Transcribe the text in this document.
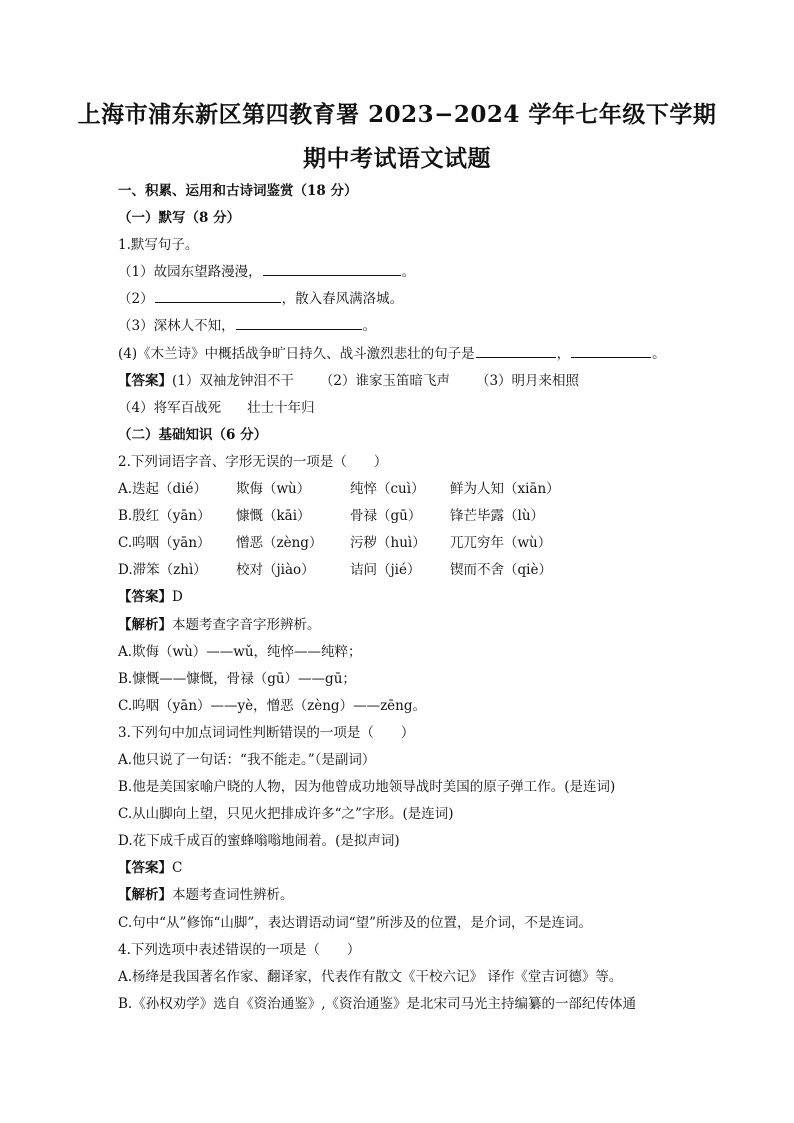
上海市浦东新区第四教育署 2023−2024 学年七年级下学期
期中考试语文试题
一、积累、运用和古诗词鉴赏（18 分）
（一）默写（8 分）
1.默写句子。
（1）故园东望路漫漫，	。
（2）	，散入春风满洛城。
（3）深林人不知，	。
(4)《木兰诗》中概括战争旷日持久、战斗激烈悲壮的句子是	，	。
【答案】(1）双袖龙钟泪不干 （2）谁家玉笛暗飞声 （3）明月来相照
（4）将军百战死 壮士十年归
（二）基础知识（6 分）
2.下列词语字音、字形无误的一项是（　　）
A.迭起（dié） 欺侮（wù）	纯悴（cuì） 鲜为人知（xiān）
B.殷红（yān） 慷慨（kāi）	骨禄（gū） 锋芒毕露（lù）
C.呜咽（yān） 憎恶（zèng） 污秽（huì） 兀兀穷年（wù）
D.滞笨（zhì） 校对（jiào）	诘问（jié） 锲而不舍（qiè）
【答案】D
【解析】本题考查字音字形辨析。
A.欺侮（wù）——wǔ，纯悴——纯粹；
B.慷慨——慷慨，骨禄（gū）——gū；
C.呜咽（yān）——yè，憎恶（zèng）——zēng。
3.下列句中加点词词性判断错误的一项是（　　）
A.他只说了一句话：“我不能走。”（是副词）
B.他是美国家喻户晓的人物，因为他曾成功地领导战时美国的原子弹工作。(是连词)
C.从山脚向上望，只见火把排成许多“之”字形。(是连词)
D.花下成千成百的蜜蜂嗡嗡地闹着。(是拟声词)
【答案】C
【解析】本题考查词性辨析。
C.句中“从”修饰“山脚”，表达谓语动词“望”所涉及的位置，是介词，不是连词。
4.下列选项中表述错误的一项是（　　）
A.杨绛是我国著名作家、翻译家，代表作有散文《干校六记》 译作《堂吉诃德》等。
B.《孙权劝学》选自《资治通鉴》,《资治通鉴》是北宋司马光主持编纂的一部纪传体通
